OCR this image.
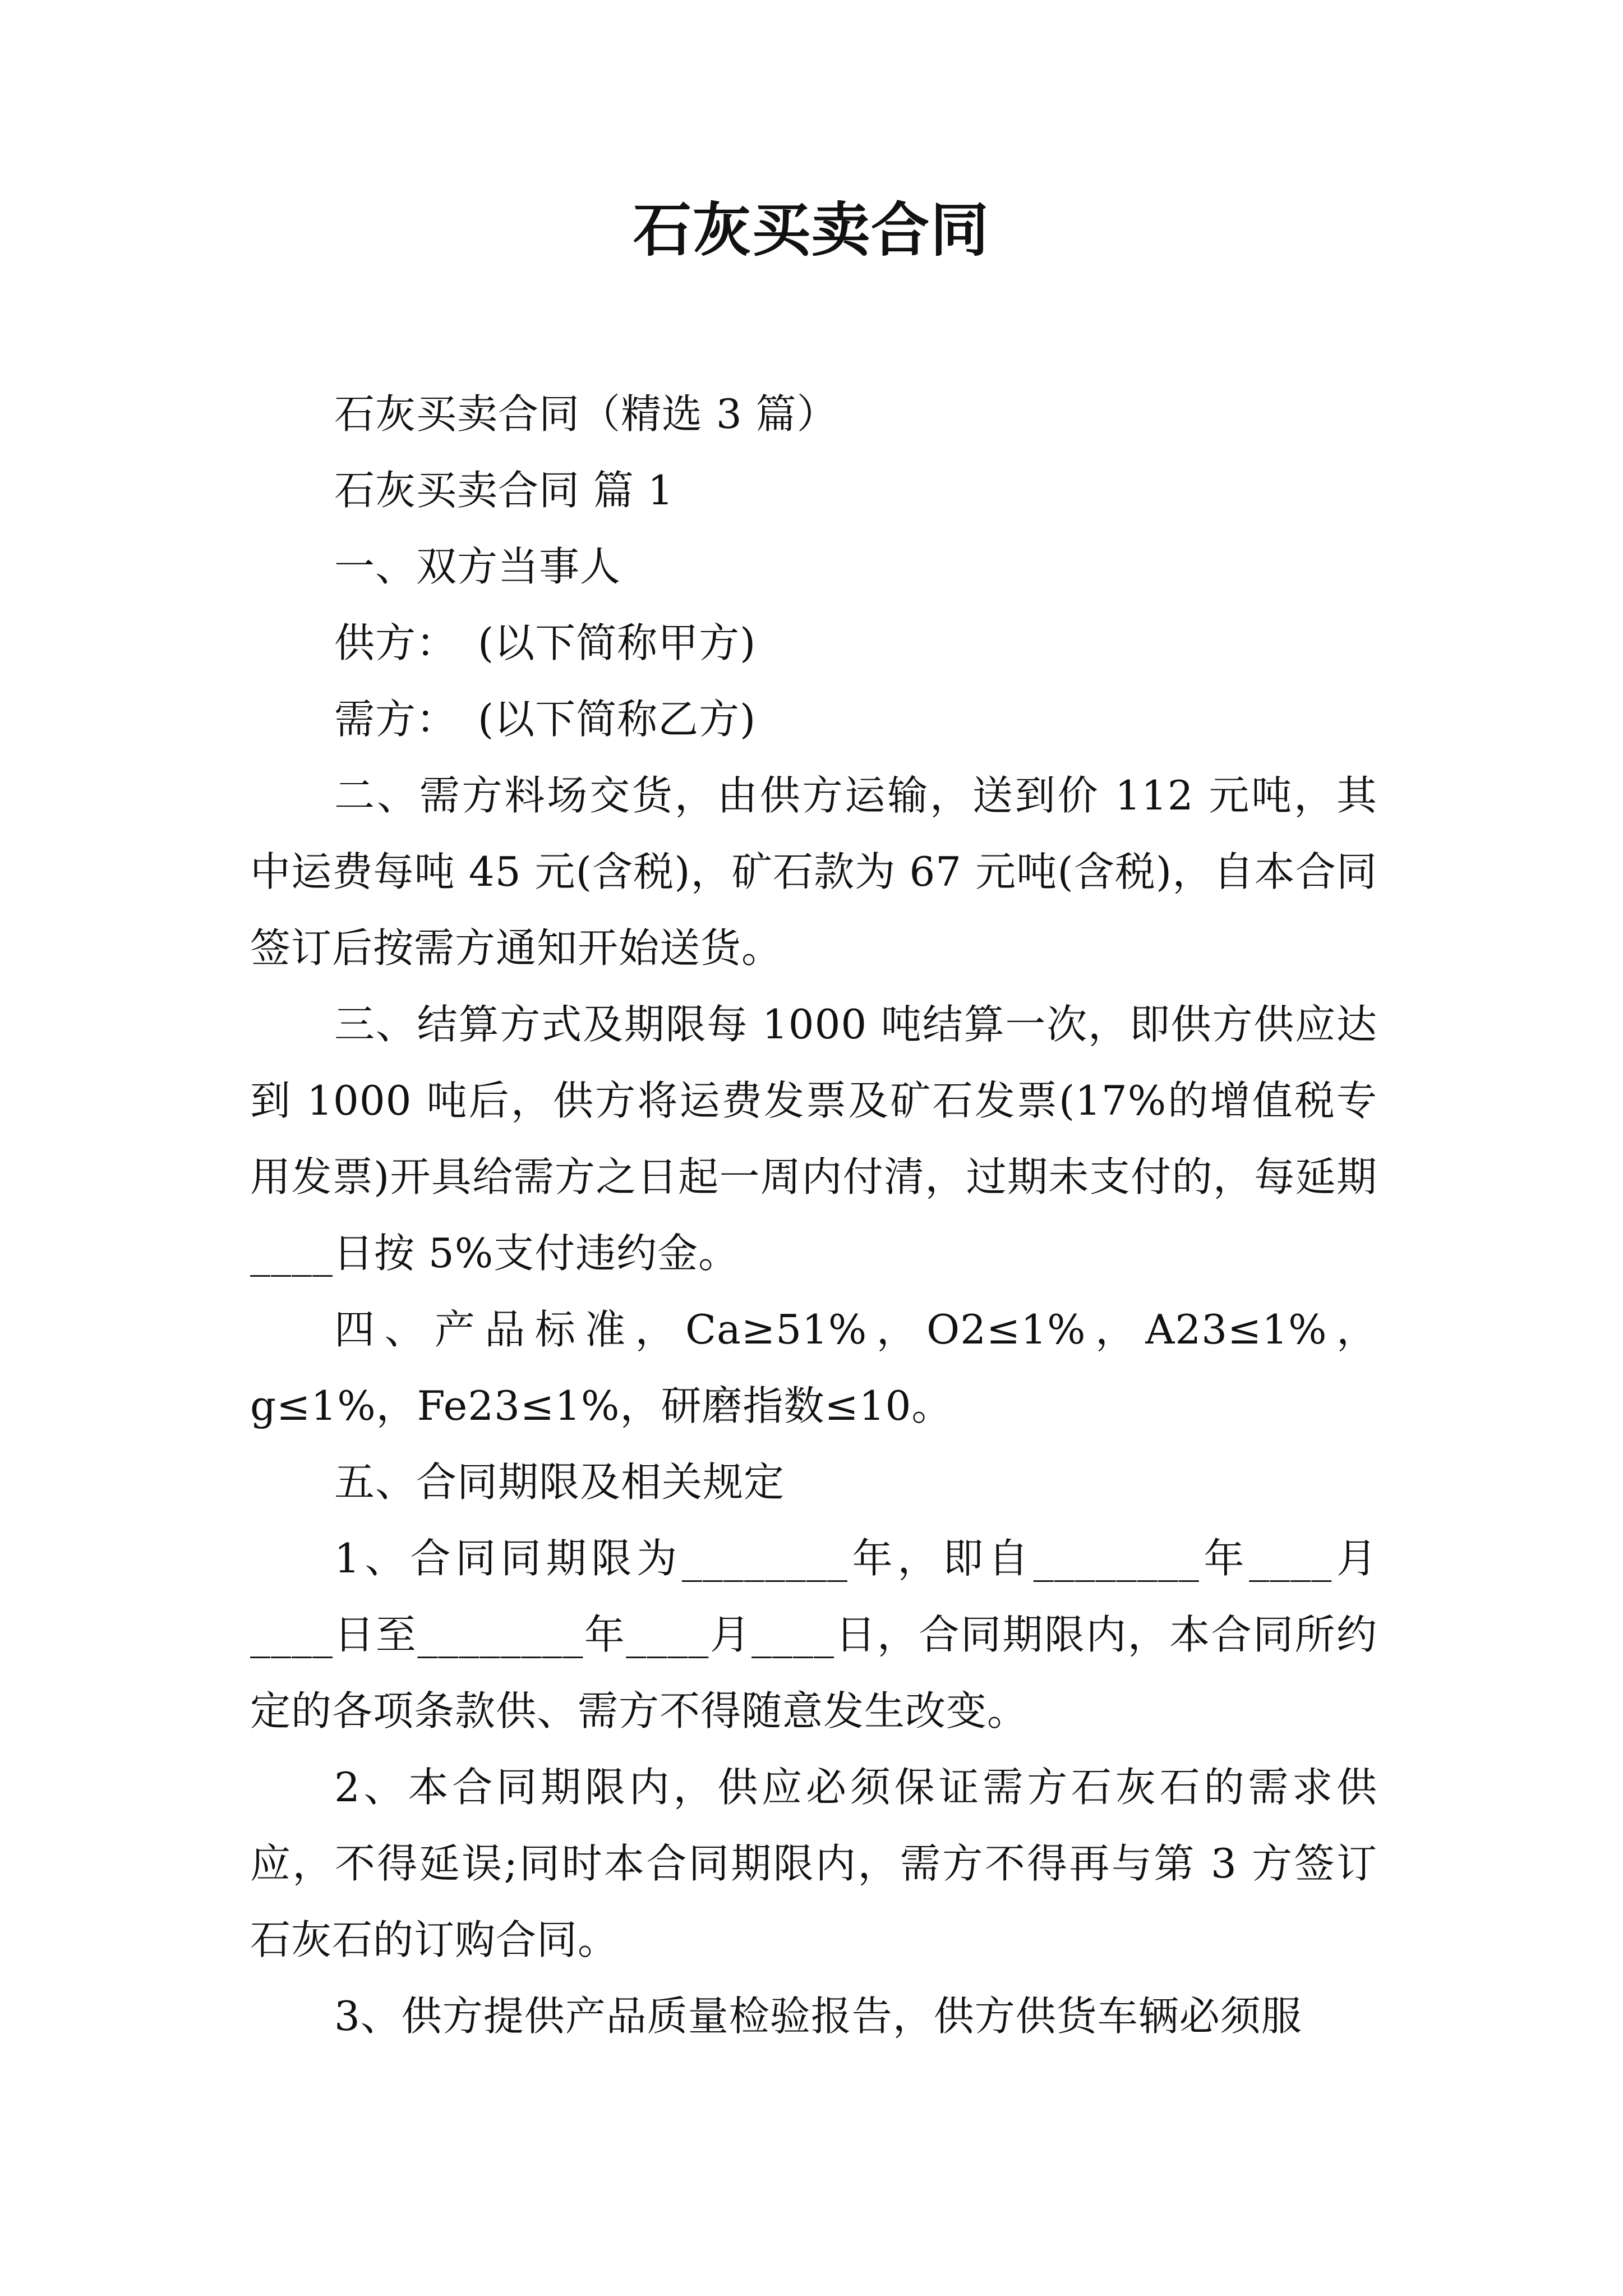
石灰买卖合同

石灰买卖合同（精选 3 篇）

石灰买卖合同 篇 1

一、双方当事人

供方：　(以下简称甲方)

需方：　(以下简称乙方)

二、需方料场交货，由供方运输，送到价 112 元吨，其中运费每吨 45 元(含税)，矿石款为 67 元吨(含税)，自本合同签订后按需方通知开始送货。

三、结算方式及期限每 1000 吨结算一次，即供方供应达到 1000 吨后，供方将运费发票及矿石发票(17%的增值税专用发票)开具给需方之日起一周内付清，过期未支付的，每延期____日按 5%支付违约金。

四、产品标准，Ca≥51%，O2≤1%，A23≤1%，g≤1%，Fe23≤1%，研磨指数≤10。

五、合同期限及相关规定

1、合同同期限为________年，即自________年____月____日至________年____月____日，合同期限内，本合同所约定的各项条款供、需方不得随意发生改变。

2、本合同期限内，供应必须保证需方石灰石的需求供应，不得延误;同时本合同期限内，需方不得再与第 3 方签订石灰石的订购合同。

3、供方提供产品质量检验报告，供方供货车辆必须服
